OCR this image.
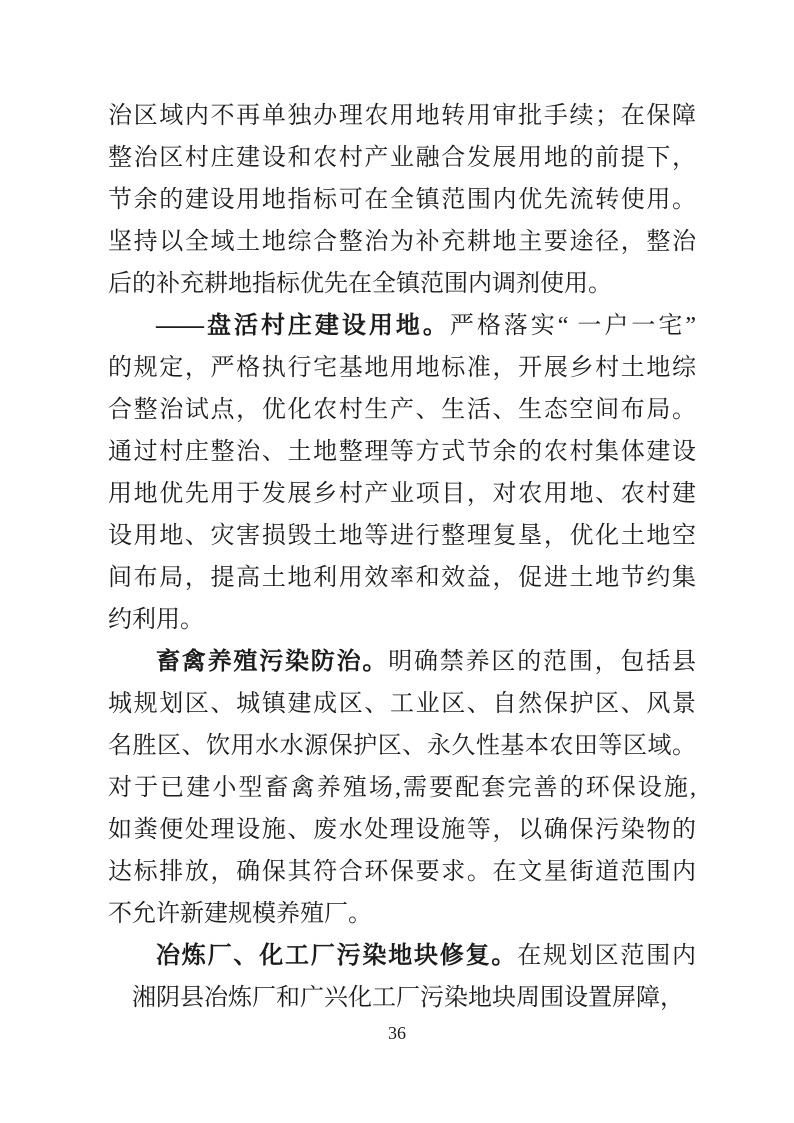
治区域内不再单独办理农用地转用审批手续；在保障
整治区村庄建设和农村产业融合发展用地的前提下，
节余的建设用地指标可在全镇范围内优先流转使用。
坚持以全域土地综合整治为补充耕地主要途径，整治
后的补充耕地指标优先在全镇范围内调剂使用。
——盘活村庄建设用地。严格落实“ 一户一宅”
的规定，严格执行宅基地用地标准，开展乡村土地综
合整治试点，优化农村生产、生活、生态空间布局。
通过村庄整治、土地整理等方式节余的农村集体建设
用地优先用于发展乡村产业项目，对农用地、农村建
设用地、灾害损毁土地等进行整理复垦，优化土地空
间布局，提高土地利用效率和效益，促进土地节约集
约利用。
畜禽养殖污染防治。明确禁养区的范围，包括县
城规划区、城镇建成区、工业区、自然保护区、风景
名胜区、饮用水水源保护区、永久性基本农田等区域。
对于已建小型畜禽养殖场,需要配套完善的环保设施,
如粪便处理设施、废水处理设施等，以确保污染物的
达标排放，确保其符合环保要求。在文星街道范围内
不允许新建规模养殖厂。
冶炼厂、化工厂污染地块修复。在规划区范围内
湘阴县冶炼厂和广兴化工厂污染地块周围设置屏障，
36
